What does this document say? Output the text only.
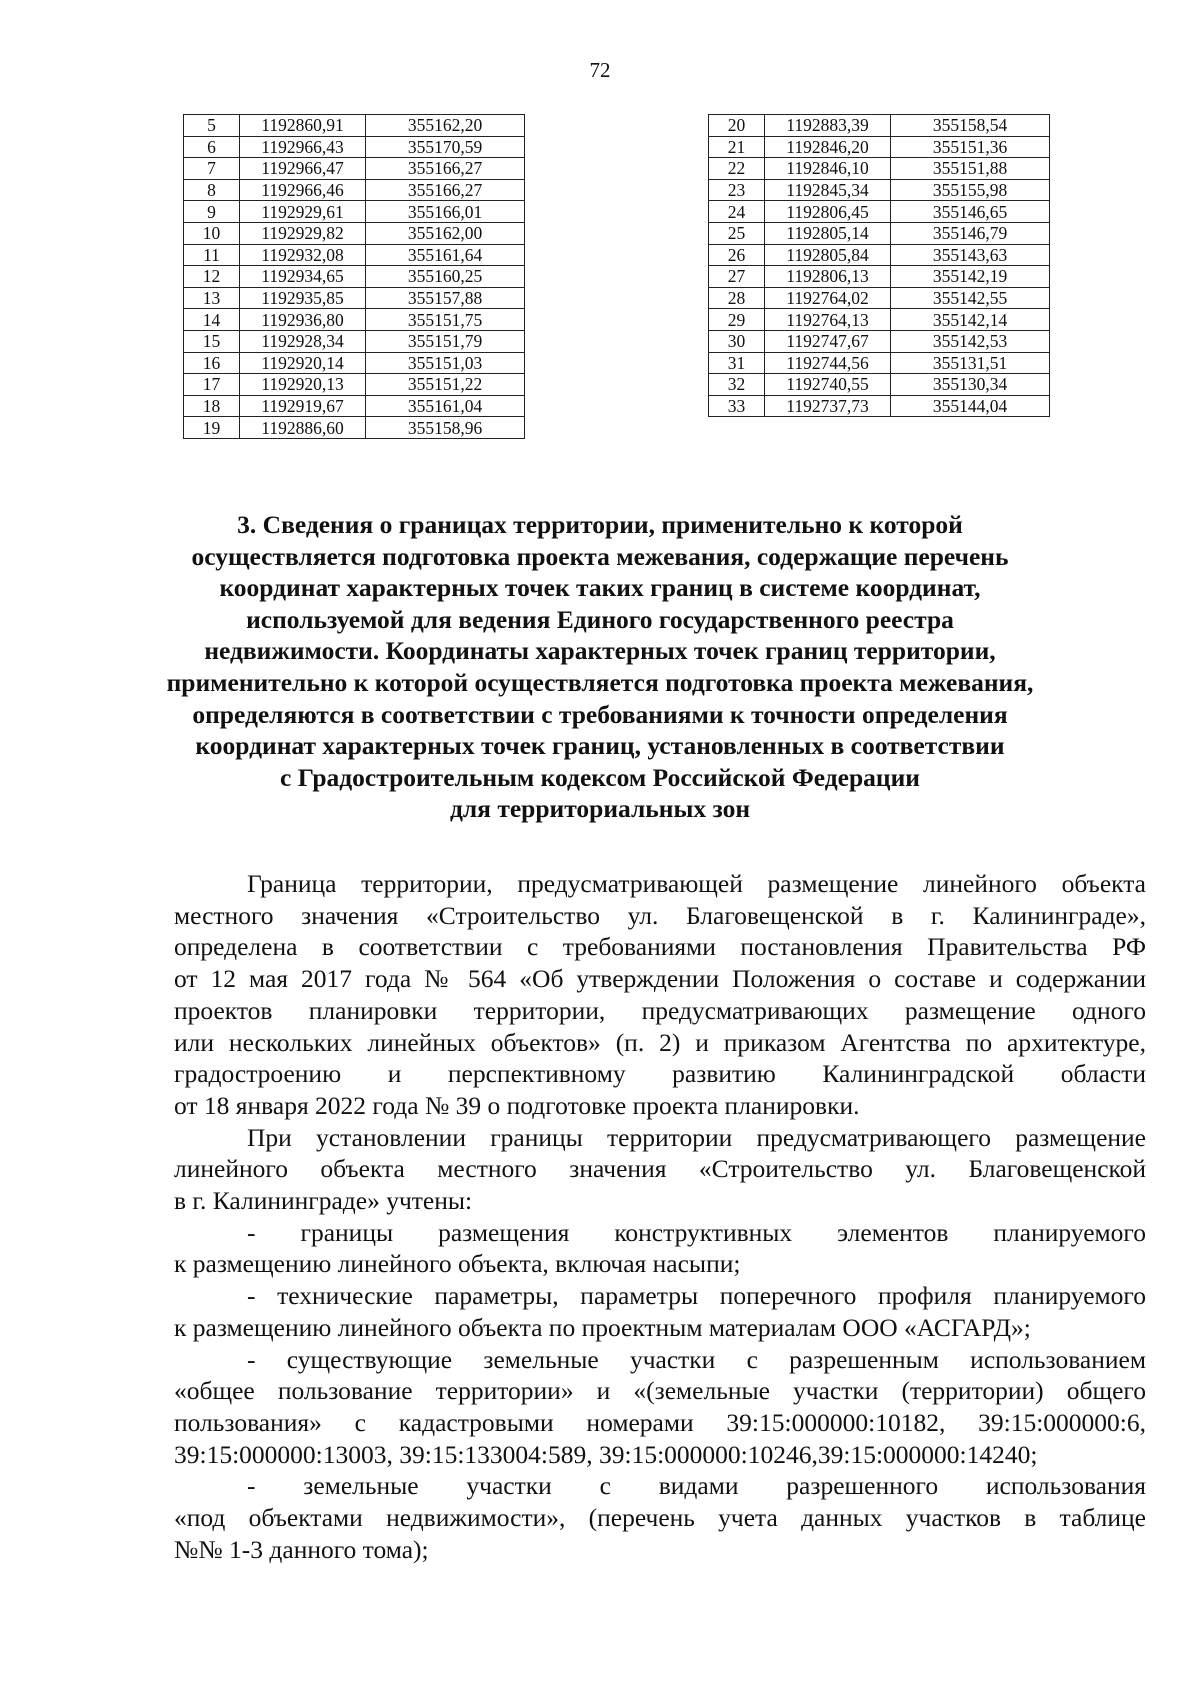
72
5	1192860,91	355162,20
6	1192966,43	355170,59
7	1192966,47	355166,27
8	1192966,46	355166,27
9	1192929,61	355166,01
10	1192929,82	355162,00
11	1192932,08	355161,64
12	1192934,65	355160,25
13	1192935,85	355157,88
14	1192936,80	355151,75
15	1192928,34	355151,79
16	1192920,14	355151,03
17	1192920,13	355151,22
18	1192919,67	355161,04
19	1192886,60	355158,96
20	1192883,39	355158,54
21	1192846,20	355151,36
22	1192846,10	355151,88
23	1192845,34	355155,98
24	1192806,45	355146,65
25	1192805,14	355146,79
26	1192805,84	355143,63
27	1192806,13	355142,19
28	1192764,02	355142,55
29	1192764,13	355142,14
30	1192747,67	355142,53
31	1192744,56	355131,51
32	1192740,55	355130,34
33	1192737,73	355144,04
3. Сведения о границах территории, применительно к которой
осуществляется подготовка проекта межевания, содержащие перечень
координат характерных точек таких границ в системе координат,
используемой для ведения Единого государственного реестра
недвижимости. Координаты характерных точек границ территории,
применительно к которой осуществляется подготовка проекта межевания,
определяются в соответствии с требованиями к точности определения
координат характерных точек границ, установленных в соответствии
с Градостроительным кодексом Российской Федерации
для территориальных зон

Граница территории, предусматривающей размещение линейного объекта

местного значения «Строительство ул. Благовещенской в г. Калининграде»,

определена в соответствии с требованиями постановления Правительства РФ

от 12 мая 2017 года № 564 «Об утверждении Положения о составе и содержании

проектов планировки территории, предусматривающих размещение одного

или нескольких линейных объектов» (п. 2) и приказом Агентства по архитектуре,

градостроению и перспективному развитию Калининградской области

от 18 января 2022 года № 39 о подготовке проекта планировки.

При установлении границы территории предусматривающего размещение

линейного объекта местного значения «Строительство ул. Благовещенской

в г. Калининграде» учтены:

- границы размещения конструктивных элементов планируемого

к размещению линейного объекта, включая насыпи;

- технические параметры, параметры поперечного профиля планируемого

к размещению линейного объекта по проектным материалам ООО «АСГАРД»;

- существующие земельные участки с разрешенным использованием

«общее пользование территории» и «(земельные участки (территории) общего

пользования» с кадастровыми номерами 39:15:000000:10182, 39:15:000000:6,

39:15:000000:13003, 39:15:133004:589, 39:15:000000:10246,39:15:000000:14240;

- земельные участки с видами разрешенного использования

«под объектами недвижимости», (перечень учета данных участков в таблице

№№ 1-3 данного тома);
